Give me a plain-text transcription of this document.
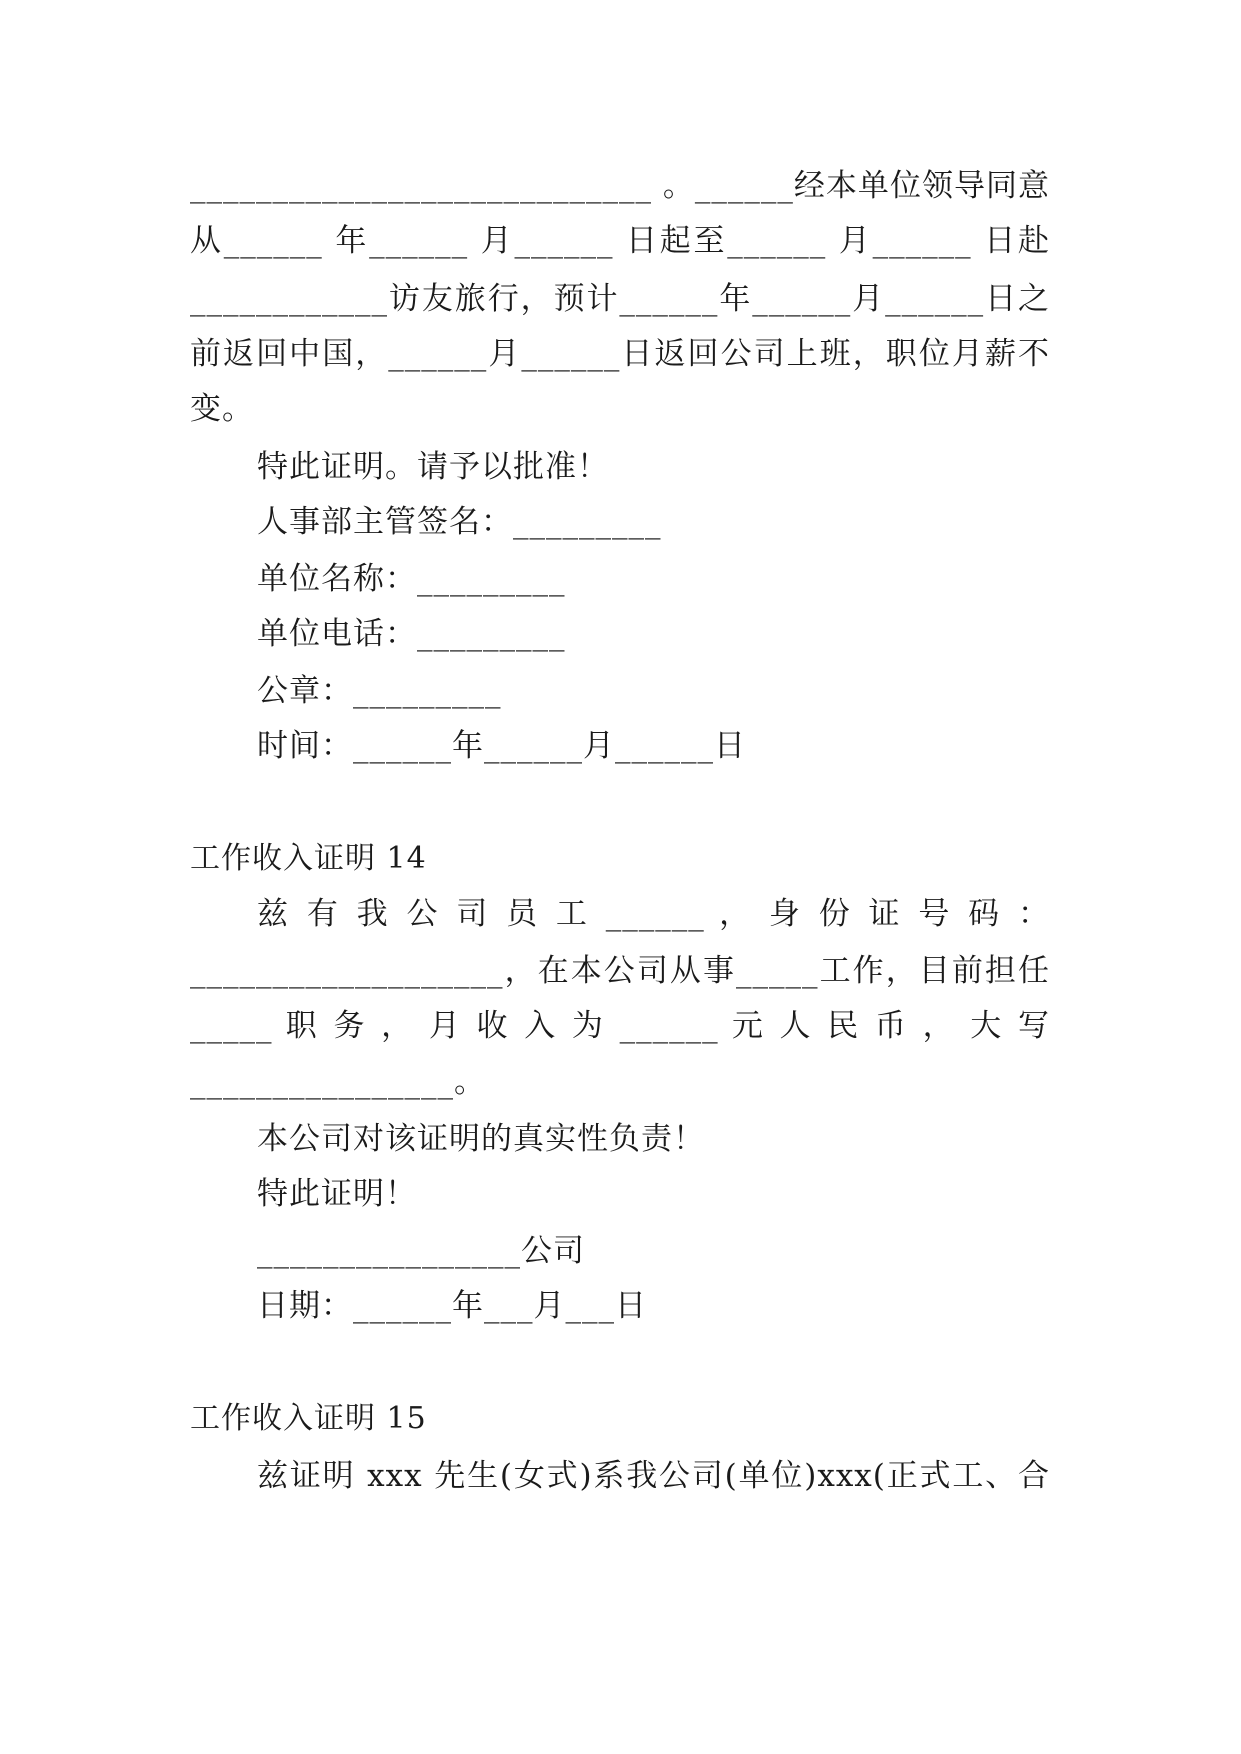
____________________________ 。______经本单位领导同意
从______ 年______ 月______ 日起至______ 月______ 日赴
____________访友旅行，预计______年______月______日之
前返回中国，______月______日返回公司上班，职位月薪不
变。
特此证明。请予以批准！
人事部主管签名：_________
单位名称：_________
单位电话：_________
公章：_________
时间：______年______月______日
工作收入证明 14
兹 有 我 公 司 员 工 ______ ， 身 份 证 号 码 ：
___________________，在本公司从事_____工作，目前担任
_____ 职 务 ， 月 收 入 为 ______ 元 人 民 币 ， 大 写
________________。
本公司对该证明的真实性负责！
特此证明！
________________公司
日期：______年___月___日
工作收入证明 15
兹证明 xxx 先生(女式)系我公司(单位)xxx(正式工、合
